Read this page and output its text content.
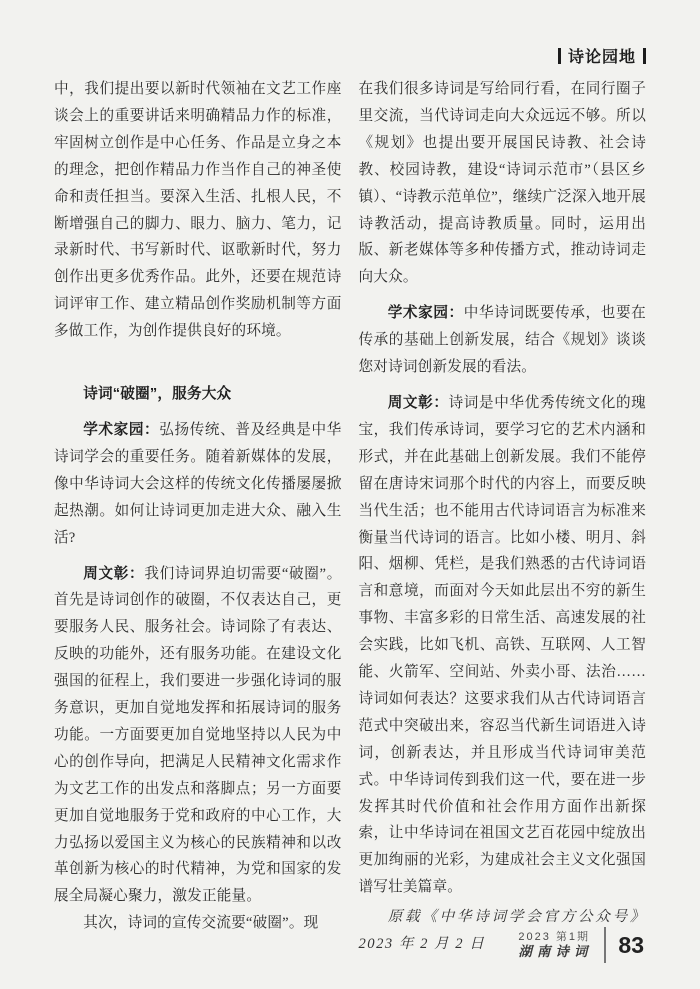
诗论园地

中，我们提出要以新时代领袖在文艺工作座谈会上的重要讲话来明确精品力作的标准，牢固树立创作是中心任务、作品是立身之本的理念，把创作精品力作当作自己的神圣使命和责任担当。要深入生活、扎根人民，不断增强自己的脚力、眼力、脑力、笔力，记录新时代、书写新时代、讴歌新时代，努力创作出更多优秀作品。此外，还要在规范诗词评审工作、建立精品创作奖励机制等方面多做工作，为创作提供良好的环境。

诗词“破圈”，服务大众

学术家园：弘扬传统、普及经典是中华诗词学会的重要任务。随着新媒体的发展，像中华诗词大会这样的传统文化传播屡屡掀起热潮。如何让诗词更加走进大众、融入生活?

周文彰：我们诗词界迫切需要“破圈”。首先是诗词创作的破圈，不仅表达自己，更要服务人民、服务社会。诗词除了有表达、反映的功能外，还有服务功能。在建设文化强国的征程上，我们要进一步强化诗词的服务意识，更加自觉地发挥和拓展诗词的服务功能。一方面要更加自觉地坚持以人民为中心的创作导向，把满足人民精神文化需求作为文艺工作的出发点和落脚点；另一方面要更加自觉地服务于党和政府的中心工作，大力弘扬以爱国主义为核心的民族精神和以改革创新为核心的时代精神，为党和国家的发展全局凝心聚力，激发正能量。

其次，诗词的宣传交流要“破圈”。现

在我们很多诗词是写给同行看，在同行圈子里交流，当代诗词走向大众远远不够。所以《规划》也提出要开展国民诗教、社会诗教、校园诗教，建设“诗词示范市”（县区乡镇）、“诗教示范单位”，继续广泛深入地开展诗教活动，提高诗教质量。同时，运用出版、新老媒体等多种传播方式，推动诗词走向大众。

学术家园：中华诗词既要传承，也要在传承的基础上创新发展，结合《规划》谈谈您对诗词创新发展的看法。

周文彰：诗词是中华优秀传统文化的瑰宝，我们传承诗词，要学习它的艺术内涵和形式，并在此基础上创新发展。我们不能停留在唐诗宋词那个时代的内容上，而要反映当代生活；也不能用古代诗词语言为标准来衡量当代诗词的语言。比如小楼、明月、斜阳、烟柳、凭栏，是我们熟悉的古代诗词语言和意境，而面对今天如此层出不穷的新生事物、丰富多彩的日常生活、高速发展的社会实践，比如飞机、高铁、互联网、人工智能、火箭军、空间站、外卖小哥、法治……诗词如何表达？这要求我们从古代诗词语言范式中突破出来，容忍当代新生词语进入诗词，创新表达，并且形成当代诗词审美范式。中华诗词传到我们这一代，要在进一步发挥其时代价值和社会作用方面作出新探索，让中华诗词在祖国文艺百花园中绽放出更加绚丽的光彩，为建成社会主义文化强国谱写壮美篇章。

原载《中华诗词学会官方公众号》2023 年 2 月 2 日	2023 第1期
湖南诗词 83
